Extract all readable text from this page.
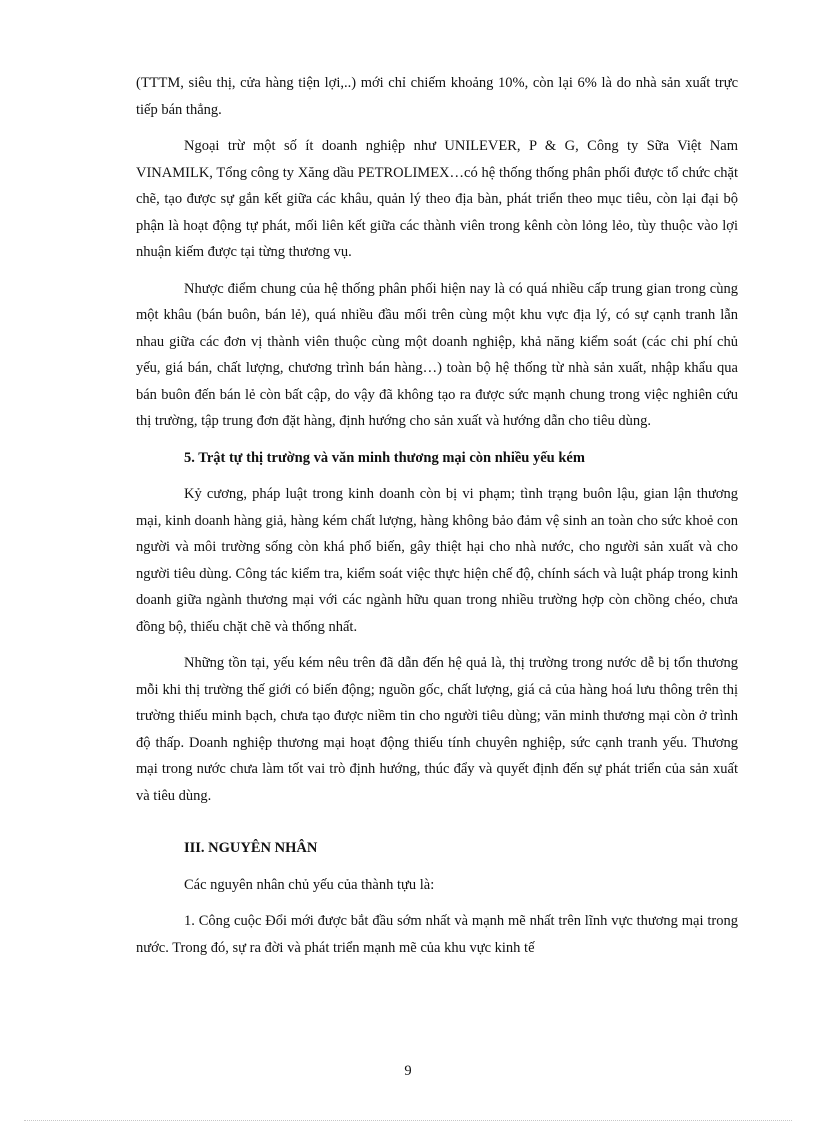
(TTTM, siêu thị, cửa hàng tiện lợi,..) mới chỉ chiếm khoảng 10%, còn lại 6% là do nhà sản xuất trực tiếp bán thẳng.

Ngoại trừ một số ít doanh nghiệp như UNILEVER, P & G, Công ty Sữa Việt Nam VINAMILK, Tổng công ty Xăng dầu PETROLIMEX…có hệ thống thống phân phối được tổ chức chặt chẽ, tạo được sự gắn kết giữa các khâu, quản lý theo địa bàn, phát triển theo mục tiêu, còn lại đại bộ phận là hoạt động tự phát, mối liên kết giữa các thành viên trong kênh còn lỏng lẻo, tùy thuộc vào lợi nhuận kiếm được tại từng thương vụ.

Nhược điểm chung của hệ thống phân phối hiện nay là có quá nhiều cấp trung gian trong cùng một khâu (bán buôn, bán lẻ), quá nhiều đầu mối trên cùng một khu vực địa lý, có sự cạnh tranh lẫn nhau giữa các đơn vị thành viên thuộc cùng một doanh nghiệp, khả năng kiểm soát (các chi phí chủ yếu, giá bán, chất lượng, chương trình bán hàng…) toàn bộ hệ thống từ nhà sản xuất, nhập khẩu qua bán buôn đến bán lẻ còn bất cập, do vậy đã không tạo ra được sức mạnh chung trong việc nghiên cứu thị trường, tập trung đơn đặt hàng, định hướng cho sản xuất và hướng dẫn cho tiêu dùng.

5. Trật tự thị trường và văn minh thương mại còn nhiều yếu kém

Kỷ cương, pháp luật trong kinh doanh còn bị vi phạm; tình trạng buôn lậu, gian lận thương mại, kinh doanh hàng giả, hàng kém chất lượng, hàng không bảo đảm vệ sinh an toàn cho sức khoẻ con người và môi trường sống còn khá phổ biến, gây thiệt hại cho nhà nước, cho người sản xuất và cho người tiêu dùng. Công tác kiểm tra, kiểm soát việc thực hiện chế độ, chính sách và luật pháp trong kinh doanh giữa ngành thương mại với các ngành hữu quan trong nhiều trường hợp còn chồng chéo, chưa đồng bộ, thiếu chặt chẽ và thống nhất.

Những tồn tại, yếu kém nêu trên đã dẫn đến hệ quả là, thị trường trong nước dễ bị tổn thương mỗi khi thị trường thế giới có biến động; nguồn gốc, chất lượng, giá cả của hàng hoá lưu thông trên thị trường thiếu minh bạch, chưa tạo được niềm tin cho người tiêu dùng; văn minh thương mại còn ở trình độ thấp. Doanh nghiệp thương mại hoạt động thiếu tính chuyên nghiệp, sức cạnh tranh yếu. Thương mại trong nước chưa làm tốt vai trò định hướng, thúc đẩy và quyết định đến sự phát triển của sản xuất và tiêu dùng.

III. NGUYÊN NHÂN

Các nguyên nhân chủ yếu của thành tựu là:

1. Công cuộc Đổi mới được bắt đầu sớm nhất và mạnh mẽ nhất trên lĩnh vực thương mại trong nước. Trong đó, sự ra đời và phát triển mạnh mẽ của khu vực kinh tế

9
